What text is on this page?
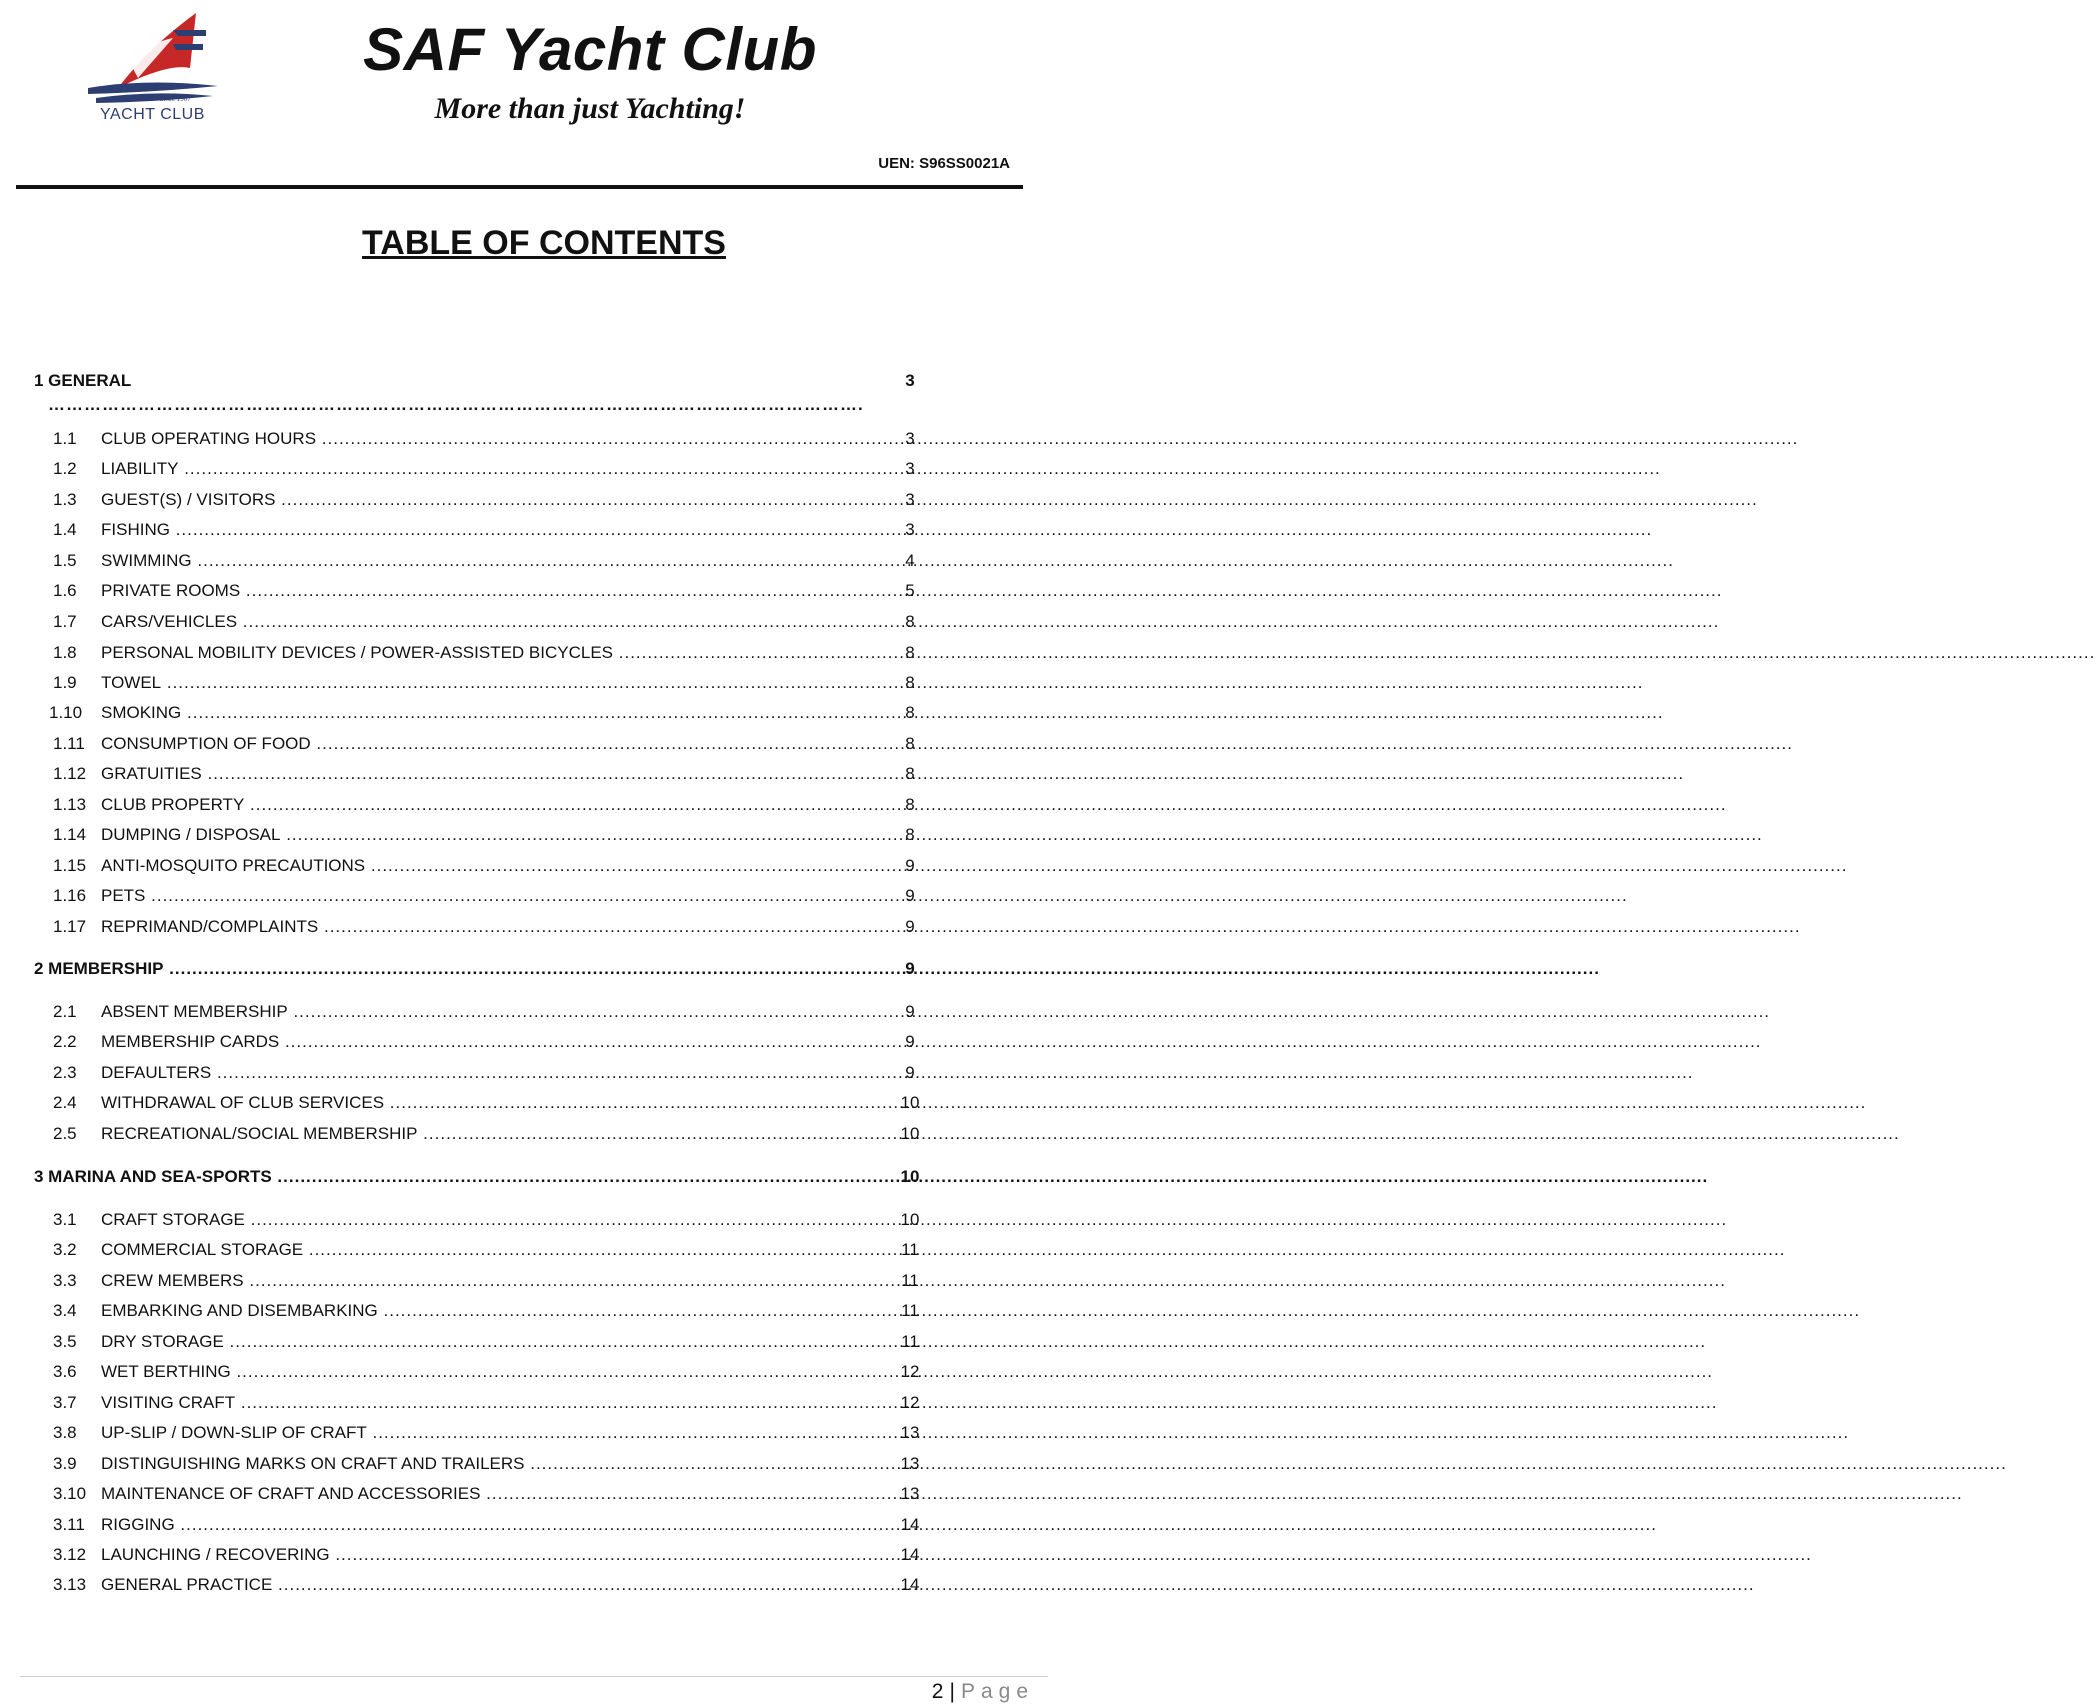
Since 1967
YACHT CLUB
SAF Yacht Club
More than just Yachting!
UEN: S96SS0021A
TABLE OF CONTENTS
1 GENERAL	3
……………………………………………………………………………………………………………………….
1.1	CLUB OPERATING HOURS .....	3
1.2	LIABILITY .....	3
1.3	GUEST(S) / VISITORS .....	3
1.4	FISHING .....	3
1.5	SWIMMING .....	4
1.6	PRIVATE ROOMS .....	5
1.7	CARS/VEHICLES .....	8
1.8	PERSONAL MOBILITY DEVICES / POWER-ASSISTED BICYCLES .....	8
1.9	TOWEL .....	8
1.10	SMOKING .....	8
1.11 CONSUMPTION OF FOOD .....	8
1.12 GRATUITIES .....	8
1.13 CLUB PROPERTY .....	8
1.14 DUMPING / DISPOSAL .....	8
1.15 ANTI-MOSQUITO PRECAUTIONS .....	9
1.16 PETS .....	9
1.17 REPRIMAND/COMPLAINTS .....	9
2 MEMBERSHIP .....	9
2.1	ABSENT MEMBERSHIP .....	9
2.2	MEMBERSHIP CARDS .....	9
2.3	DEFAULTERS .....	9
2.4	WITHDRAWAL OF CLUB SERVICES .....	10
2.5	RECREATIONAL/SOCIAL MEMBERSHIP .....	10
3 MARINA AND SEA-SPORTS .....	10
3.1	CRAFT STORAGE .....	10
3.2	COMMERCIAL STORAGE .....	11
3.3	CREW MEMBERS .....	11
3.4	EMBARKING AND DISEMBARKING .....	11
3.5	DRY STORAGE .....	11
3.6	WET BERTHING .....	12
3.7	VISITING CRAFT .....	12
3.8	UP-SLIP / DOWN-SLIP OF CRAFT .....	13
3.9	DISTINGUISHING MARKS ON CRAFT AND TRAILERS .....	13
3.10 MAINTENANCE OF CRAFT AND ACCESSORIES .....	13
3.11 RIGGING .....	14
3.12 LAUNCHING / RECOVERING .....	14
3.13 GENERAL PRACTICE .....	14
2 | Page
